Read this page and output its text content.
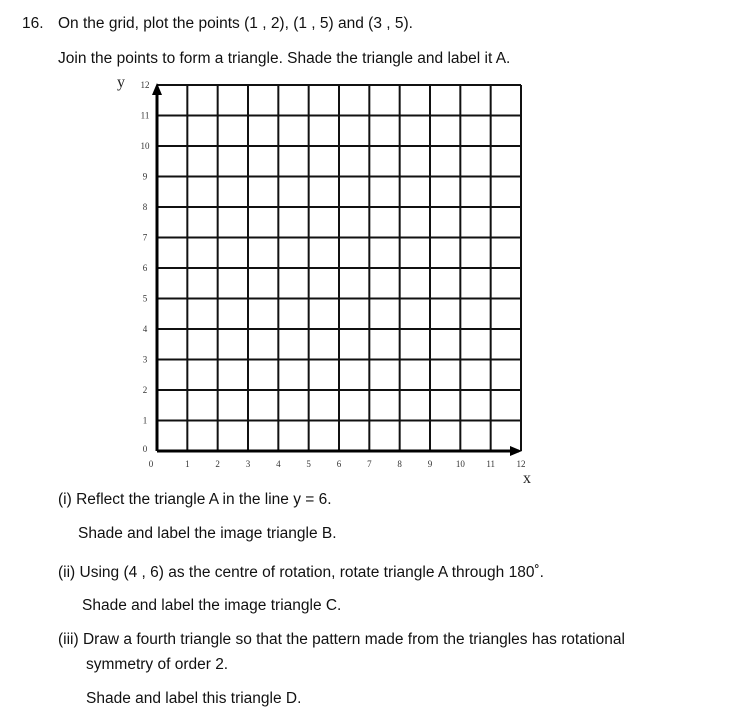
16. On the grid, plot the points (1 , 2), (1 , 5) and (3 , 5).
Join the points to form a triangle. Shade the triangle and label it A.
0	1	2	3	4	5	6	7	8	9	10 11 12
0
1
2
3
4
5
6
7
8
9
10
11
12
y
x
(i) Reflect the triangle A in the line y = 6.
Shade and label the image triangle B.
(ii) Using (4 , 6) as the centre of rotation, rotate triangle A through 180˚.
Shade and label the image triangle C.
(iii) Draw a fourth triangle so that the pattern made from the triangles has rotational
symmetry of order 2.
Shade and label this triangle D.
